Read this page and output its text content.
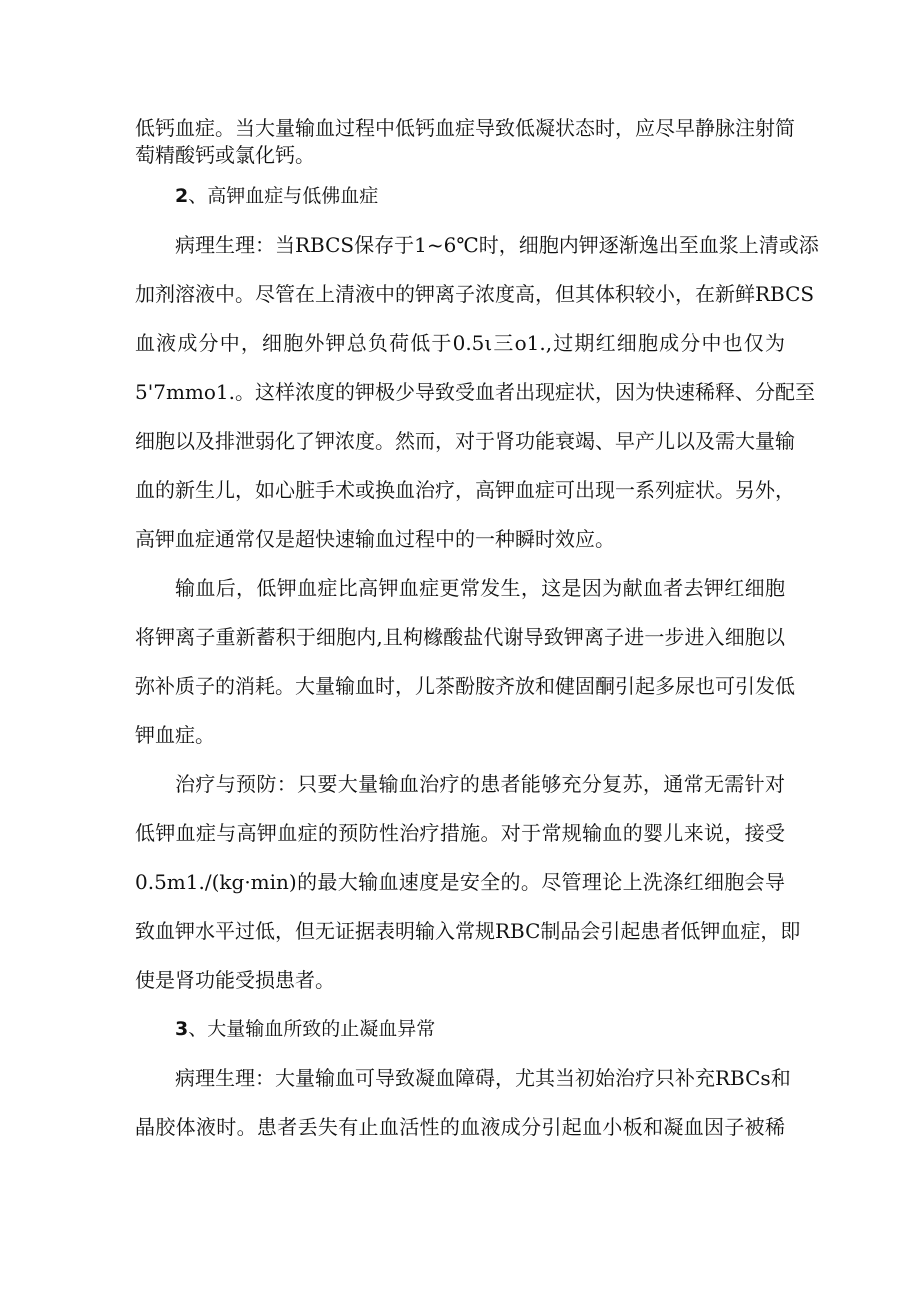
低钙血症。当大量输血过程中低钙血症导致低凝状态时，应尽早静脉注射简
萄精酸钙或氯化钙。
2、高钾血症与低佛血症
病理生理：当RBCS保存于1~6℃时，细胞内钾逐渐逸出至血浆上清或添
加剂溶液中。尽管在上清液中的钾离子浓度高，但其体积较小，在新鲜RBCS
血液成分中，细胞外钾总负荷低于0.5ι三o1.,过期红细胞成分中也仅为
5'7mmo1.。这样浓度的钾极少导致受血者出现症状，因为快速稀释、分配至
细胞以及排泄弱化了钾浓度。然而，对于肾功能衰竭、早产儿以及需大量输
血的新生儿，如心脏手术或换血治疗，高钾血症可出现一系列症状。另外，
高钾血症通常仅是超快速输血过程中的一种瞬时效应。
输血后，低钾血症比高钾血症更常发生，这是因为献血者去钾红细胞
将钾离子重新蓄积于细胞内,且枸橼酸盐代谢导致钾离子进一步进入细胞以
弥补质子的消耗。大量输血时，儿茶酚胺齐放和健固酮引起多尿也可引发低
钾血症。
治疗与预防：只要大量输血治疗的患者能够充分复苏，通常无需针对
低钾血症与高钾血症的预防性治疗措施。对于常规输血的婴儿来说，接受
0.5m1./(kg·min)的最大输血速度是安全的。尽管理论上洗涤红细胞会导
致血钾水平过低，但无证据表明输入常规RBC制品会引起患者低钾血症，即
使是肾功能受损患者。
3、大量输血所致的止凝血异常
病理生理：大量输血可导致凝血障碍，尤其当初始治疗只补充RBCs和
晶胶体液时。患者丢失有止血活性的血液成分引起血小板和凝血因子被稀
